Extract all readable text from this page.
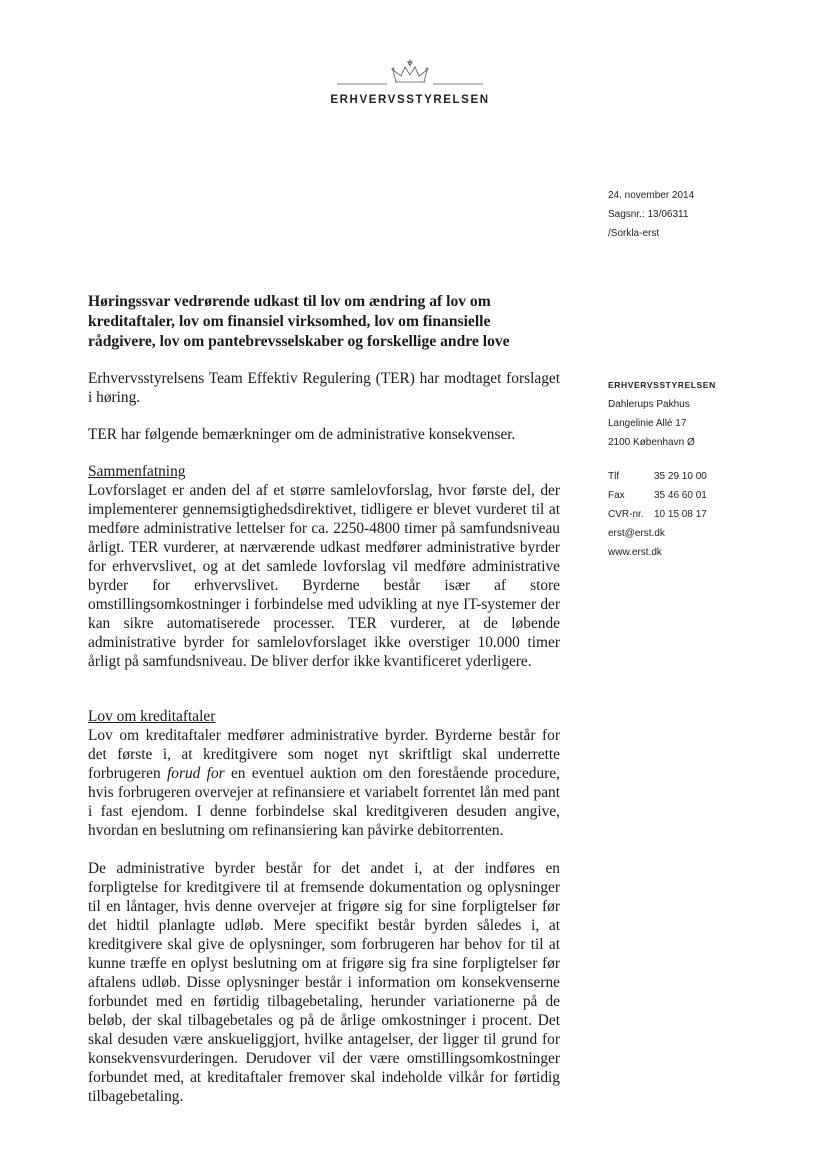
ERHVERVSSTYRELSEN
24. november 2014
Sagsnr.: 13/06311
/Sorkla-erst
ERHVERVSSTYRELSEN
Dahlerups Pakhus
Langelinie Allé 17
2100 København Ø
Tlf	35 29 10 00
Fax	35 46 60 01
CVR-nr.	10 15 08 17
erst@erst.dk
www.erst.dk
Høringssvar vedrørende udkast til lov om ændring af lov om kreditaftaler, lov om finansiel virksomhed, lov om finansielle rådgivere, lov om pantebrevsselskaber og forskellige andre love

Erhvervsstyrelsens Team Effektiv Regulering (TER) har modtaget forslaget i høring.

TER har følgende bemærkninger om de administrative konsekvenser.

Sammenfatning

Lovforslaget er anden del af et større samlelovforslag, hvor første del, der implementerer gennemsigtighedsdirektivet, tidligere er blevet vurderet til at medføre administrative lettelser for ca. 2250-4800 timer på samfundsniveau årligt. TER vurderer, at nærværende udkast medfører administrative byrder for erhvervslivet, og at det samlede lovforslag vil medføre administrative byrder for erhvervslivet. Byrderne består især af store omstillingsomkostninger i forbindelse med udvikling at nye IT-systemer der kan sikre automatiserede processer. TER vurderer, at de løbende administrative byrder for samlelovforslaget ikke overstiger 10.000 timer årligt på samfundsniveau. De bliver derfor ikke kvantificeret yderligere.

Lov om kreditaftaler

Lov om kreditaftaler medfører administrative byrder. Byrderne består for det første i, at kreditgivere som noget nyt skriftligt skal underrette forbrugeren forud for en eventuel auktion om den forestående procedure, hvis forbrugeren overvejer at refinansiere et variabelt forrentet lån med pant i fast ejendom. I denne forbindelse skal kreditgiveren desuden angive, hvordan en beslutning om refinansiering kan påvirke debitorrenten.

De administrative byrder består for det andet i, at der indføres en forpligtelse for kreditgivere til at fremsende dokumentation og oplysninger til en låntager, hvis denne overvejer at frigøre sig for sine forpligtelser før det hidtil planlagte udløb. Mere specifikt består byrden således i, at kreditgivere skal give de oplysninger, som forbrugeren har behov for til at kunne træffe en oplyst beslutning om at frigøre sig fra sine forpligtelser før aftalens udløb. Disse oplysninger består i information om konsekvenserne forbundet med en førtidig tilbagebetaling, herunder variationerne på de beløb, der skal tilbagebetales og på de årlige omkostninger i procent. Det skal desuden være anskueliggjort, hvilke antagelser, der ligger til grund for konsekvensvurderingen. Derudover vil der være omstillingsomkostninger forbundet med, at kreditaftaler fremover skal indeholde vilkår for førtidig tilbagebetaling.
